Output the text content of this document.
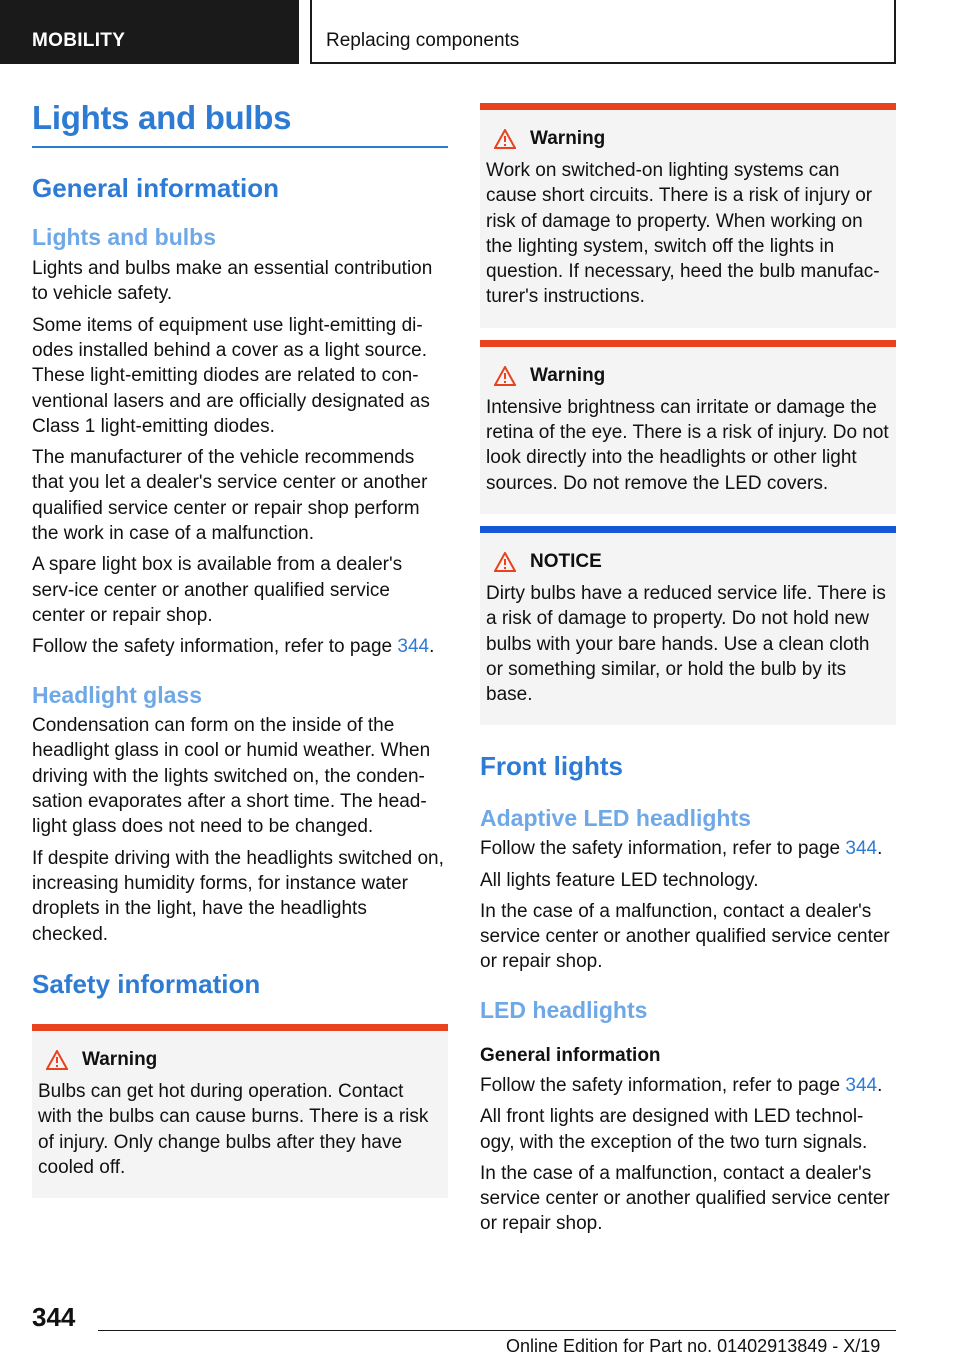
MOBILITY	Replacing components
Lights and bulbs
General information
Lights and bulbs

Lights and bulbs make an essential contribution to vehicle safety.

Some items of equipment use light-emitting di-odes installed behind a cover as a light source. These light-emitting diodes are related to con-ventional lasers and are officially designated as Class 1 light-emitting diodes.

The manufacturer of the vehicle recommends that you let a dealer's service center or another qualified service center or repair shop perform the work in case of a malfunction.

A spare light box is available from a dealer's serv-ice center or another qualified service center or repair shop.

Follow the safety information, refer to page 344.

Headlight glass

Condensation can form on the inside of the headlight glass in cool or humid weather. When driving with the lights switched on, the conden-sation evaporates after a short time. The head-light glass does not need to be changed.

If despite driving with the headlights switched on, increasing humidity forms, for instance water droplets in the light, have the headlights checked.

Safety information
Warning

Bulbs can get hot during operation. Contact with the bulbs can cause burns. There is a risk of injury. Only change bulbs after they have cooled off.

Warning

Work on switched-on lighting systems can cause short circuits. There is a risk of injury or risk of damage to property. When working on the lighting system, switch off the lights in question. If necessary, heed the bulb manufac-turer's instructions.

Warning

Intensive brightness can irritate or damage the retina of the eye. There is a risk of injury. Do not look directly into the headlights or other light sources. Do not remove the LED covers.

NOTICE

Dirty bulbs have a reduced service life. There is a risk of damage to property. Do not hold new bulbs with your bare hands. Use a clean cloth or something similar, or hold the bulb by its base.

Front lights
Adaptive LED headlights

Follow the safety information, refer to page 344.

All lights feature LED technology.

In the case of a malfunction, contact a dealer's service center or another qualified service center or repair shop.

LED headlights
General information

Follow the safety information, refer to page 344.

All front lights are designed with LED technol-ogy, with the exception of the two turn signals.

In the case of a malfunction, contact a dealer's service center or another qualified service center or repair shop.

344
Online Edition for Part no. 01402913849 - X/19
